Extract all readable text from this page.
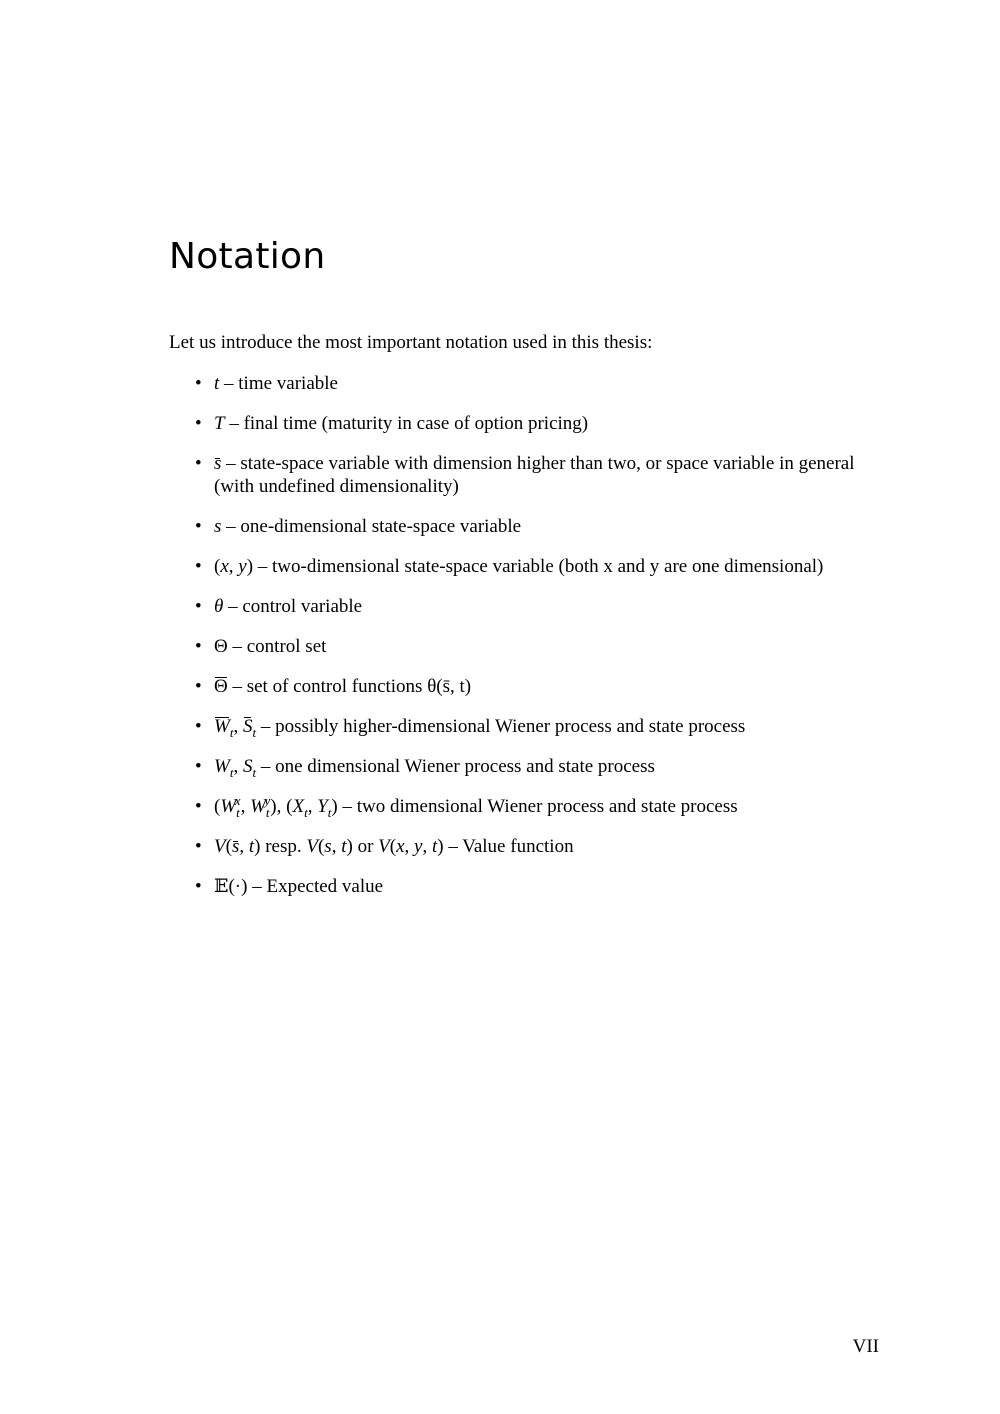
Notation

Let us introduce the most important notation used in this thesis:

• t – time variable
• T – final time (maturity in case of option pricing)
• s – state-space variable with dimension higher than two, or space variable in general (with undefined dimensionality)
• s – one-dimensional state-space variable
• (x, y) – two-dimensional state-space variable (both x and y are one dimensional)
• θ – control variable
• Θ – control set
• Θ – set of control functions θ(s̄, t)
• $W_t$, $S_t$ – possibly higher-dimensional Wiener process and state process
• $W_t$, $S_t$ – one dimensional Wiener process and state process
• ($W_t^x$, $W_t^y$), ($X_t$, $Y_t$) – two dimensional Wiener process and state process
• V(s, t) resp. V(s, t) or V(x, y, t) – Value function
• 𝔼(·) – Expected value

VII
